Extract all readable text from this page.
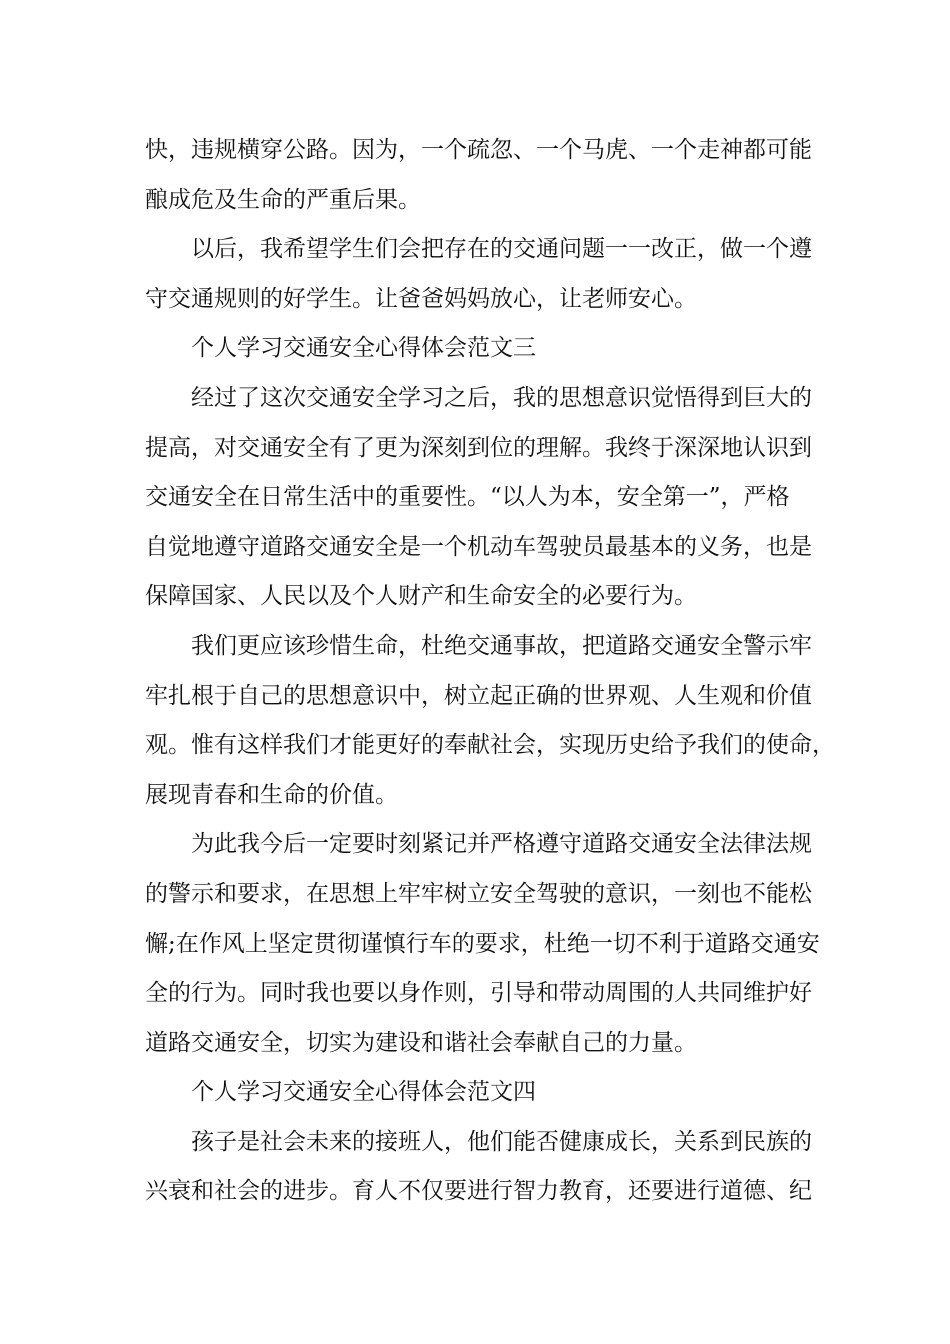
快，违规横穿公路。因为，一个疏忽、一个马虎、一个走神都可能
酿成危及生命的严重后果。
以后，我希望学生们会把存在的交通问题一一改正，做一个遵
守交通规则的好学生。让爸爸妈妈放心，让老师安心。
个人学习交通安全心得体会范文三
经过了这次交通安全学习之后，我的思想意识觉悟得到巨大的
提高，对交通安全有了更为深刻到位的理解。我终于深深地认识到
交通安全在日常生活中的重要性。“以人为本，安全第一”，严格
自觉地遵守道路交通安全是一个机动车驾驶员最基本的义务，也是
保障国家、人民以及个人财产和生命安全的必要行为。
我们更应该珍惜生命，杜绝交通事故，把道路交通安全警示牢
牢扎根于自己的思想意识中，树立起正确的世界观、人生观和价值
观。惟有这样我们才能更好的奉献社会，实现历史给予我们的使命，
展现青春和生命的价值。
为此我今后一定要时刻紧记并严格遵守道路交通安全法律法规
的警示和要求，在思想上牢牢树立安全驾驶的意识，一刻也不能松
懈;在作风上坚定贯彻谨慎行车的要求，杜绝一切不利于道路交通安
全的行为。同时我也要以身作则，引导和带动周围的人共同维护好
道路交通安全，切实为建设和谐社会奉献自己的力量。
个人学习交通安全心得体会范文四
孩子是社会未来的接班人，他们能否健康成长，关系到民族的
兴衰和社会的进步。育人不仅要进行智力教育，还要进行道德、纪
